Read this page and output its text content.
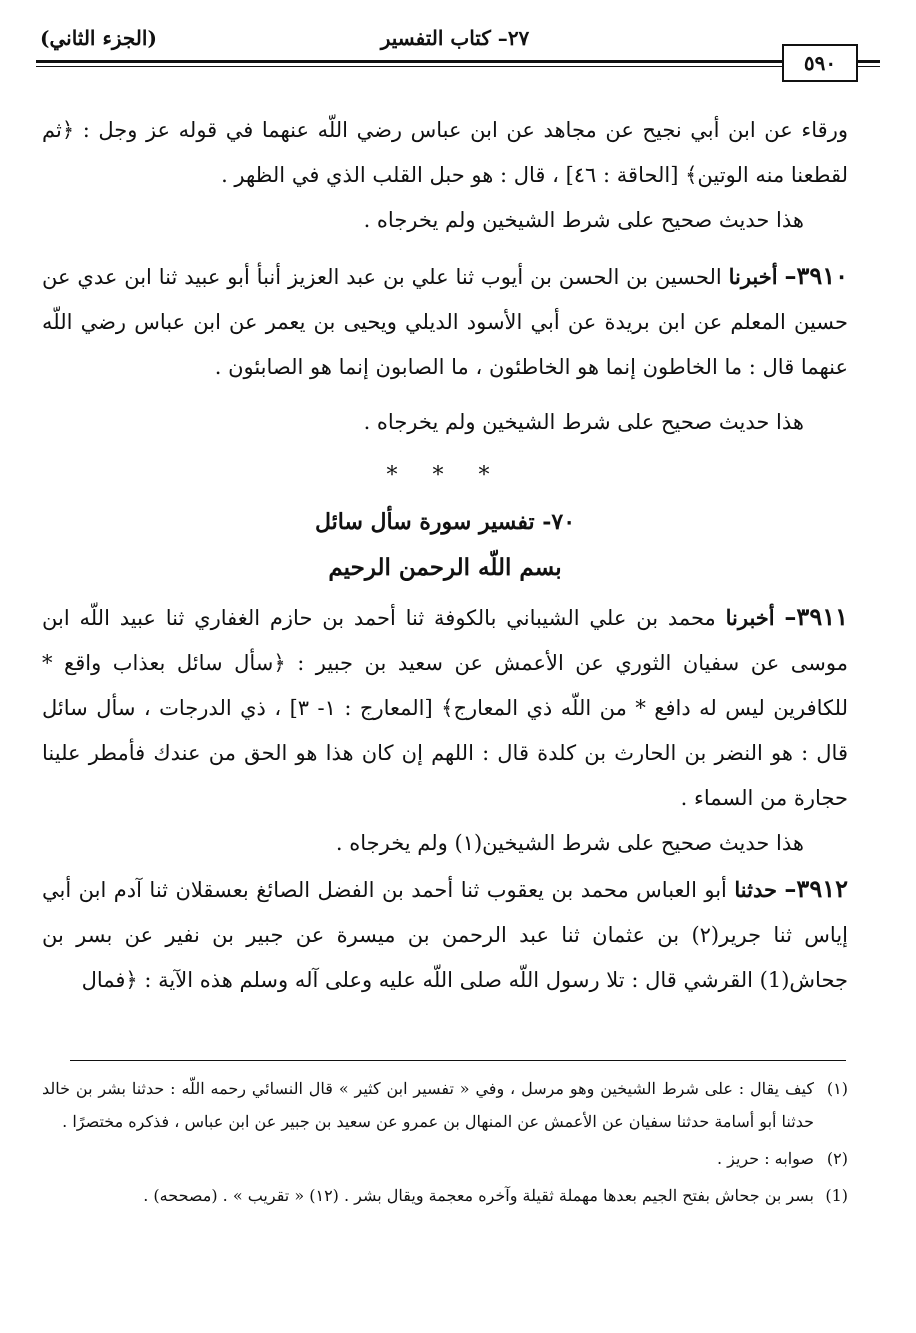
(الجزء الثاني)	٢٧– كتاب التفسير
٥٩٠

ورقاء عن ابن أبي نجيح عن مجاهد عن ابن عباس رضي اللّه عنهما في قوله عز وجل : ﴿ثم لقطعنا منه الوتين﴾ [الحاقة : ٤٦] ، قال : هو حبل القلب الذي في الظهر .

هذا حديث صحيح على شرط الشيخين ولم يخرجاه .

٣٩١٠– أخبرنا الحسين بن الحسن بن أيوب ثنا علي بن عبد العزيز أنبأ أبو عبيد ثنا ابن عدي عن حسين المعلم عن ابن بريدة عن أبي الأسود الديلي ويحيى بن يعمر عن ابن عباس رضي اللّه عنهما قال : ما الخاطون إنما هو الخاطئون ، ما الصابون إنما هو الصابئون .

هذا حديث صحيح على شرط الشيخين ولم يخرجاه .

* * *
٧٠- تفسير سورة سأل سائل
بسم اللّه الرحمن الرحيم

٣٩١١– أخبرنا محمد بن علي الشيباني بالكوفة ثنا أحمد بن حازم الغفاري ثنا عبيد اللّه ابن موسى عن سفيان الثوري عن الأعمش عن سعيد بن جبير : ﴿سأل سائل بعذاب واقع * للكافرين ليس له دافع * من اللّه ذي المعارج﴾ [المعارج : ١- ٣] ، ذي الدرجات ، سأل سائل قال : هو النضر بن الحارث بن كلدة قال : اللهم إن كان هذا هو الحق من عندك فأمطر علينا حجارة من السماء .

هذا حديث صحيح على شرط الشيخين(١) ولم يخرجاه .

٣٩١٢– حدثنا أبو العباس محمد بن يعقوب ثنا أحمد بن الفضل الصائغ بعسقلان ثنا آدم ابن أبي إياس ثنا جرير(٢) بن عثمان ثنا عبد الرحمن بن ميسرة عن جبير بن نفير عن بسر بن جحاش(1) القرشي قال : تلا رسول اللّه صلى اللّه عليه وعلى آله وسلم هذه الآية : ﴿فمال

(١)
كيف يقال : على شرط الشيخين وهو مرسل ، وفي « تفسير ابن كثير » قال النسائي رحمه اللّه : حدثنا بشر بن خالد حدثنا أبو أسامة حدثنا سفيان عن الأعمش عن المنهال بن عمرو عن سعيد بن جبير عن ابن عباس ، فذكره مختصرًا .
(٢)
صوابه : حريز .
(1)
بسر بن جحاش بفتح الجيم بعدها مهملة ثقيلة وآخره معجمة ويقال بشر . (١٢) « تقريب » . (مصححه) .
